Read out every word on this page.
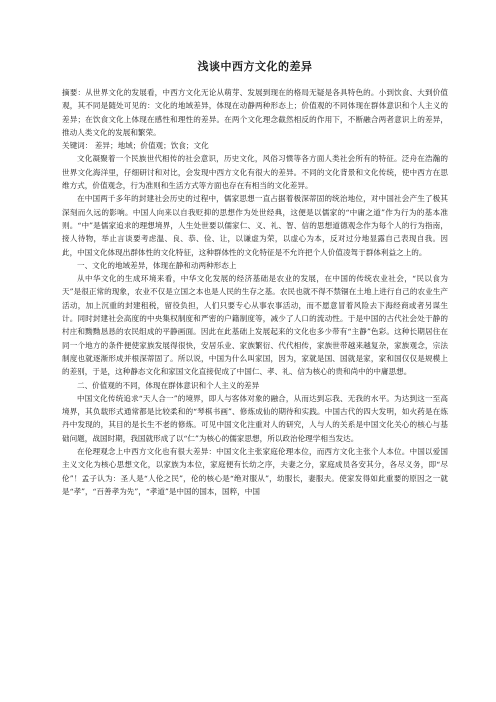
浅谈中西方文化的差异

摘要：从世界文化的发展看，中西方文化无论从萌芽、发展到现在的格局无疑是各具特色的。小到饮食、大到价值观，其不同是随处可见的：文化的地域差异，体现在动静两种形态上；价值观的不同体现在群体意识和个人主义的差异；在饮食文化上体现在感性和理性的差异。在两个文化理念截然相反的作用下，不断融合两者意识上的差异，推动人类文化的发展和繁荣。

关键词： 差异；地域；价值观；饮食；文化

文化凝聚着一个民族世代相传的社会意识，历史文化，风俗习惯等各方面人类社会所有的特征。泛舟在浩瀚的世界文化海洋里，仔细研讨和对比，会发现中西方文化有很大的差异。不同的文化背景和文化传统，使中西方在思维方式，价值观念，行为准则和生活方式等方面也存在有相当的文化差异。

在中国两千多年的封建社会历史的过程中，儒家思想一直占据着极深蒂固的统治地位，对中国社会产生了极其深刻而久远的影响。中国人向来以自我贬抑的思想作为处世经典，这便是以儒家的“中庸之道”作为行为的基本准则。“中”是儒家追求的理想境界，人生处世要以儒家仁、义、礼、智、信的思想道德观念作为每个人的行为指南，接人待物，举止言谈要考虑温、良、恭、俭、让，以谦虚为荣，以虚心为本，反对过分地显露自己表现自我。因此，中国文化体现出群体性的文化特征，这种群体性的文化特征是不允许把个人价值凌驾于群体利益之上的。

一、文化的地域差异，体现在静和动两种形态上

从中华文化的生成环境来看，中华文化发展的经济基础是农业的发展，在中国的传统农业社会，“民以食为天”是很正常的现象，农业不仅是立国之本也是人民的生存之基。农民也就不得不禁锢在土地上进行自己的农业生产活动，加上沉重的封建租税，留役负担，人们只要专心从事农事活动，而不愿意冒着风险去下海经商或者另谋生计。同时封建社会高度的中央集权制度和严密的户籍制度等，减少了人口的流动性。于是中国的古代社会处于静的村庄和黝黝恳恳的农民组成的平静画面。因此在此基础上发展起来的文化也多少带有“主静”色彩。这种长期居住在同一个地方的条件便使家族发展得很快，安居乐业、家族繁衍、代代相传，家族世带越来越复杂，家族观念，宗法制度也就逐渐形成并根深蒂固了。所以说，中国为什么叫家国，因为，家就是国、国就是家，家和国仅仅是规模上的差别，于是，这种静态文化和家国文化直接促成了中国仁、孝、礼、信为核心的贵和尚中的中庸思想。

二、价值观的不同，体现在群体意识和个人主义的差异

中国文化传统追求“天人合一”的境界，即人与客体对象的融合，从而达到忘我、无我的水平。为达到这一至高境界，其负载形式通常都是比较柔和的“琴棋书画”、修炼成仙的期待和实践。中国古代的四大发明，如火药是在炼丹中发现的，其目的是长生不老的修炼。可见中国文化注重对人的研究，人与人的关系是中国文化关心的核心与基础问题，战国时期，我国就形成了以“仁”为核心的儒家思想，所以政治伦理学相当发达。

在伦理观念上中西方文化也有很大差异：中国文化主张家庭伦理本位，而西方文化主张个人本位。中国以爱国主义文化为核心思想文化，以家族为本位，家庭便有长幼之序，夫妻之分，家庭成员各安其分，各尽义务，即“尽伦”！孟子认为：圣人是“人伦之民”，伦的核心是“绝对服从”，幼服长，妻服夫。使家发得如此重要的原因之一就是“孝”，“百善孝为先”，“孝道”是中国的国本，国粹，中国
